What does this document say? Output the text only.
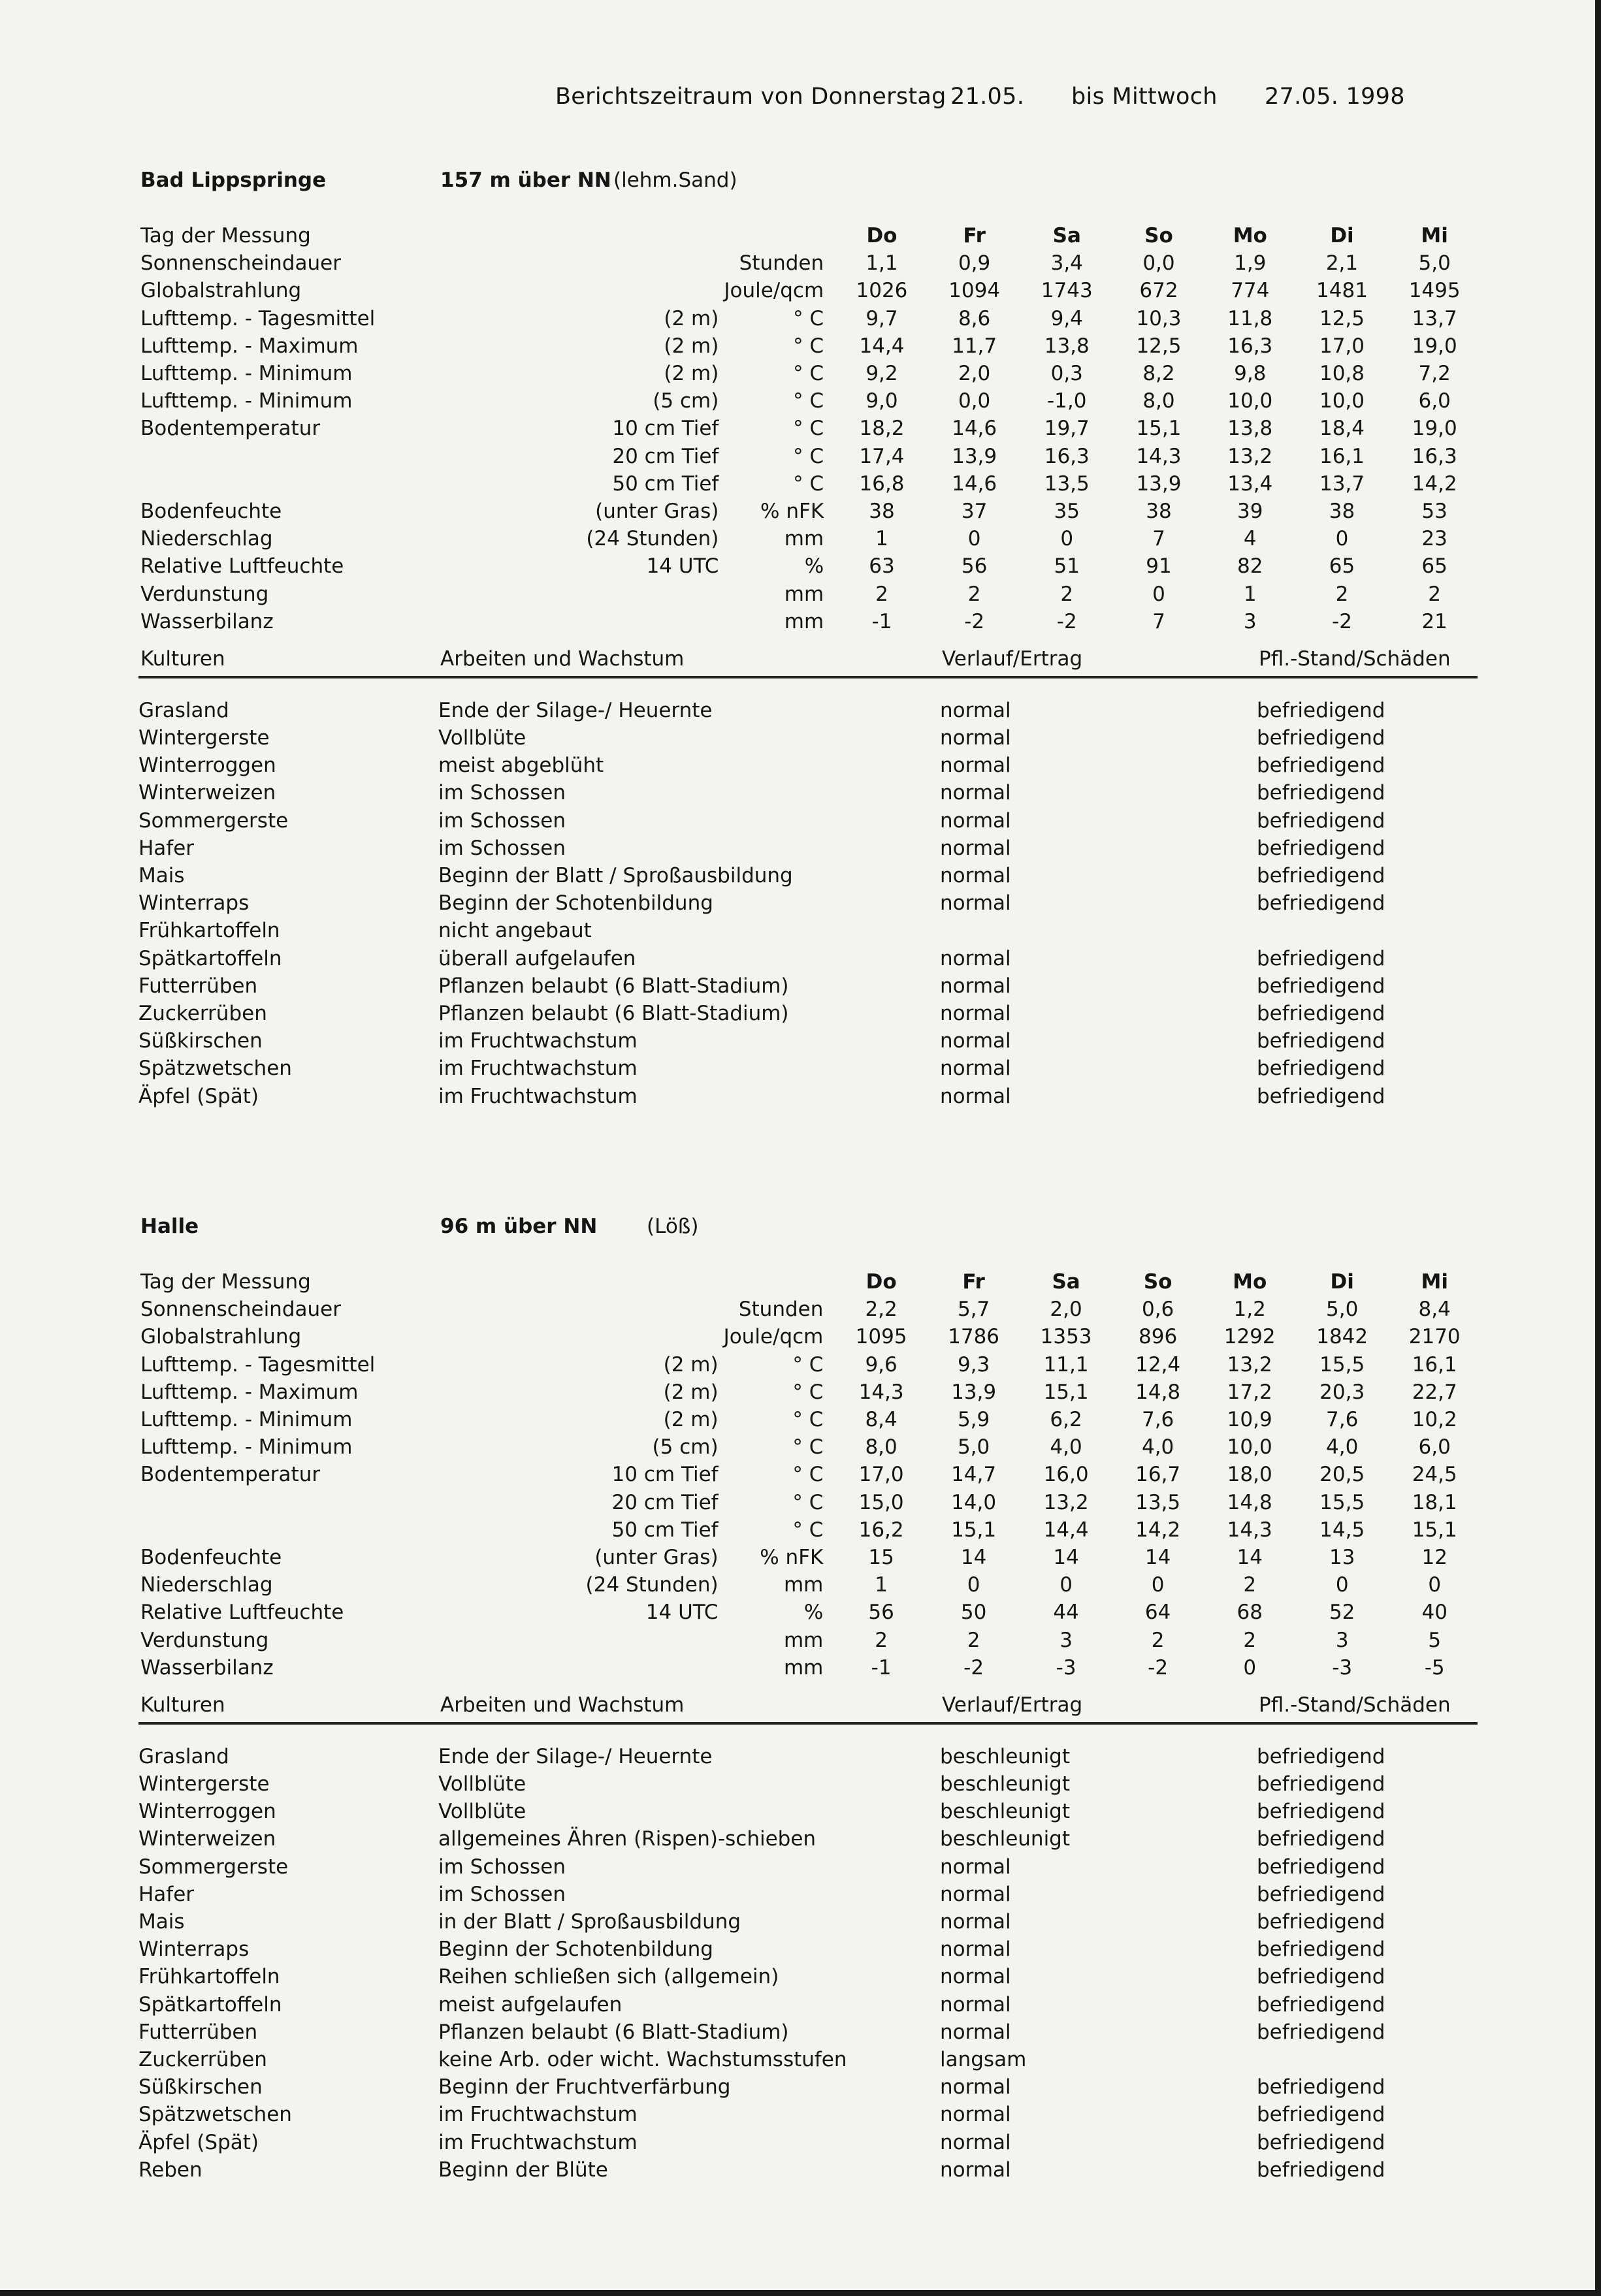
Berichtszeitraum von Donnerstag 21.05. bis Mittwoch 27.05. 1998
Bad Lippspringe	157 m über NN (lehm.Sand)
Tag der Messung			Do	Fr	Sa	So	Mo	Di	Mi
Sonnenscheindauer		Stunden	1,1	0,9	3,4	0,0	1,9	2,1	5,0
Globalstrahlung		Joule/qcm	1026	1094	1743	672	774	1481	1495
Lufttemp. - Tagesmittel	(2 m)	° C	9,7	8,6	9,4	10,3	11,8	12,5	13,7
Lufttemp. - Maximum	(2 m)	° C	14,4	11,7	13,8	12,5	16,3	17,0	19,0
Lufttemp. - Minimum	(2 m)	° C	9,2	2,0	0,3	8,2	9,8	10,8	7,2
Lufttemp. - Minimum	(5 cm)	° C	9,0	0,0	-1,0	8,0	10,0	10,0	6,0
Bodentemperatur	10 cm Tief	° C	18,2	14,6	19,7	15,1	13,8	18,4	19,0
	20 cm Tief	° C	17,4	13,9	16,3	14,3	13,2	16,1	16,3
	50 cm Tief	° C	16,8	14,6	13,5	13,9	13,4	13,7	14,2
Bodenfeuchte	(unter Gras)	% nFK	38	37	35	38	39	38	53
Niederschlag	(24 Stunden)	mm	1	0	0	7	4	0	23
Relative Luftfeuchte	14 UTC	%	63	56	51	91	82	65	65
Verdunstung		mm	2	2	2	0	1	2	2
Wasserbilanz		mm	-1	-2	-2	7	3	-2	21
Kulturen	Arbeiten und Wachstum	Verlauf/Ertrag	Pfl.-Stand/Schäden
Grasland	Ende der Silage-/ Heuernte	normal	befriedigend
Wintergerste	Vollblüte	normal	befriedigend
Winterroggen	meist abgeblüht	normal	befriedigend
Winterweizen	im Schossen	normal	befriedigend
Sommergerste	im Schossen	normal	befriedigend
Hafer	im Schossen	normal	befriedigend
Mais	Beginn der Blatt / Sproßausbildung	normal	befriedigend
Winterraps	Beginn der Schotenbildung	normal	befriedigend
Frühkartoffeln	nicht angebaut		
Spätkartoffeln	überall aufgelaufen	normal	befriedigend
Futterrüben	Pflanzen belaubt (6 Blatt-Stadium)	normal	befriedigend
Zuckerrüben	Pflanzen belaubt (6 Blatt-Stadium)	normal	befriedigend
Süßkirschen	im Fruchtwachstum	normal	befriedigend
Spätzwetschen	im Fruchtwachstum	normal	befriedigend
Äpfel (Spät)	im Fruchtwachstum	normal	befriedigend
Halle	96 m über NN (Löß)
Tag der Messung			Do	Fr	Sa	So	Mo	Di	Mi
Sonnenscheindauer		Stunden	2,2	5,7	2,0	0,6	1,2	5,0	8,4
Globalstrahlung		Joule/qcm	1095	1786	1353	896	1292	1842	2170
Lufttemp. - Tagesmittel	(2 m)	° C	9,6	9,3	11,1	12,4	13,2	15,5	16,1
Lufttemp. - Maximum	(2 m)	° C	14,3	13,9	15,1	14,8	17,2	20,3	22,7
Lufttemp. - Minimum	(2 m)	° C	8,4	5,9	6,2	7,6	10,9	7,6	10,2
Lufttemp. - Minimum	(5 cm)	° C	8,0	5,0	4,0	4,0	10,0	4,0	6,0
Bodentemperatur	10 cm Tief	° C	17,0	14,7	16,0	16,7	18,0	20,5	24,5
	20 cm Tief	° C	15,0	14,0	13,2	13,5	14,8	15,5	18,1
	50 cm Tief	° C	16,2	15,1	14,4	14,2	14,3	14,5	15,1
Bodenfeuchte	(unter Gras)	% nFK	15	14	14	14	14	13	12
Niederschlag	(24 Stunden)	mm	1	0	0	0	2	0	0
Relative Luftfeuchte	14 UTC	%	56	50	44	64	68	52	40
Verdunstung		mm	2	2	3	2	2	3	5
Wasserbilanz		mm	-1	-2	-3	-2	0	-3	-5
Kulturen	Arbeiten und Wachstum	Verlauf/Ertrag	Pfl.-Stand/Schäden
Grasland	Ende der Silage-/ Heuernte	beschleunigt	befriedigend
Wintergerste	Vollblüte	beschleunigt	befriedigend
Winterroggen	Vollblüte	beschleunigt	befriedigend
Winterweizen	allgemeines Ähren (Rispen)-schieben	beschleunigt	befriedigend
Sommergerste	im Schossen	normal	befriedigend
Hafer	im Schossen	normal	befriedigend
Mais	in der Blatt / Sproßausbildung	normal	befriedigend
Winterraps	Beginn der Schotenbildung	normal	befriedigend
Frühkartoffeln	Reihen schließen sich (allgemein)	normal	befriedigend
Spätkartoffeln	meist aufgelaufen	normal	befriedigend
Futterrüben	Pflanzen belaubt (6 Blatt-Stadium)	normal	befriedigend
Zuckerrüben	keine Arb. oder wicht. Wachstumsstufen	langsam	
Süßkirschen	Beginn der Fruchtverfärbung	normal	befriedigend
Spätzwetschen	im Fruchtwachstum	normal	befriedigend
Äpfel (Spät)	im Fruchtwachstum	normal	befriedigend
Reben	Beginn der Blüte	normal	befriedigend
